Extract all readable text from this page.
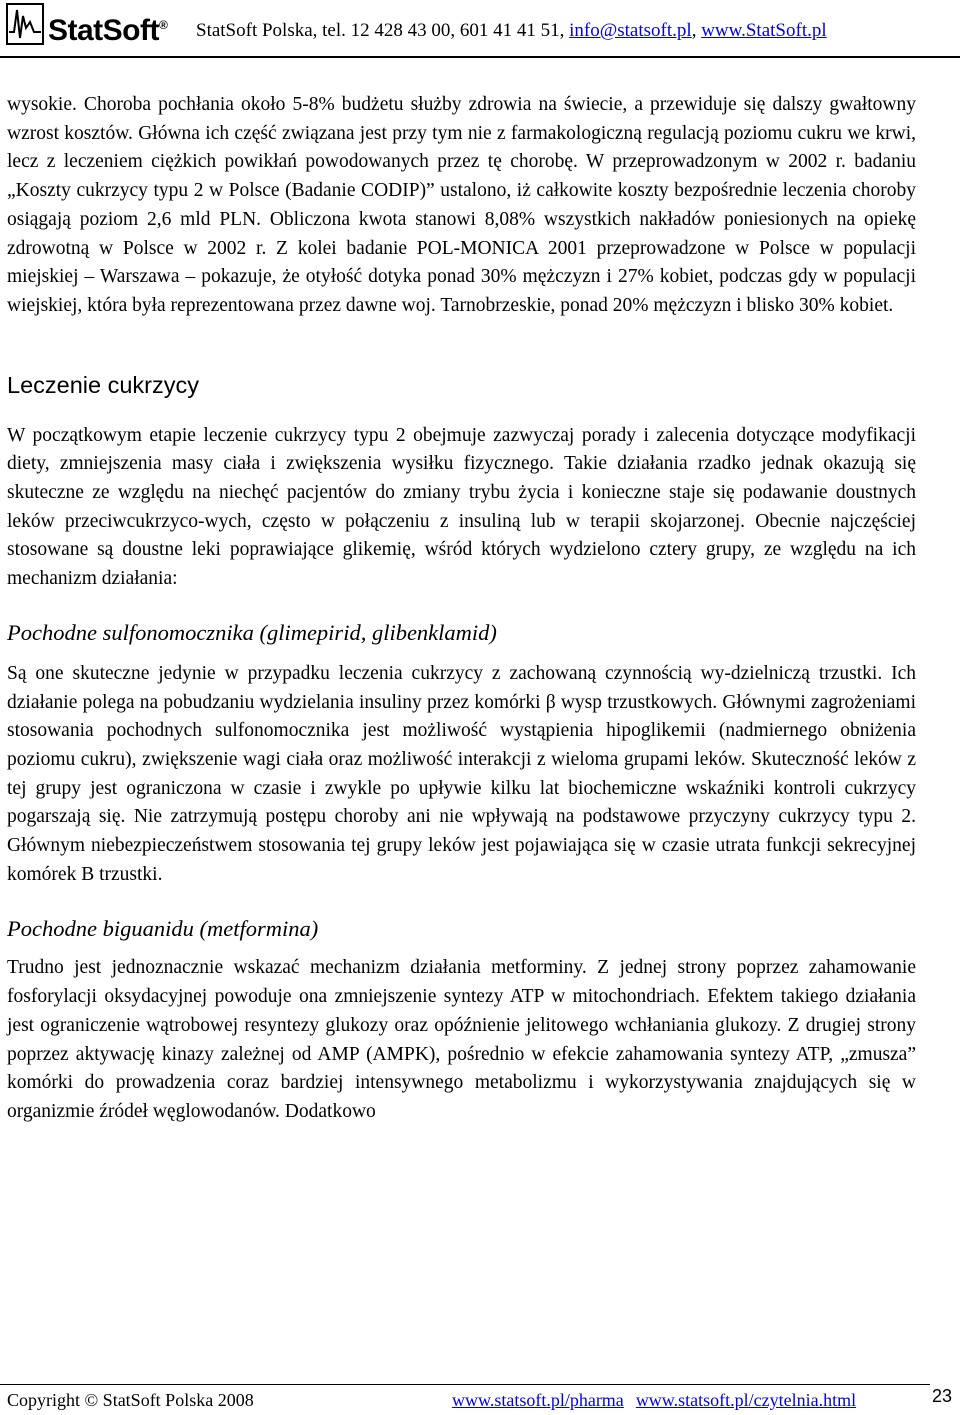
StatSoft® StatSoft Polska, tel. 12 428 43 00, 601 41 41 51, info@statsoft.pl, www.StatSoft.pl

wysokie. Choroba pochłania około 5-8% budżetu służby zdrowia na świecie, a przewiduje się dalszy gwałtowny wzrost kosztów. Główna ich część związana jest przy tym nie z farmakologiczną regulacją poziomu cukru we krwi, lecz z leczeniem ciężkich powikłań powodowanych przez tę chorobę. W przeprowadzonym w 2002 r. badaniu „Koszty cukrzycy typu 2 w Polsce (Badanie CODIP)” ustalono, iż całkowite koszty bezpośrednie leczenia choroby osiągają poziom 2,6 mld PLN. Obliczona kwota stanowi 8,08% wszystkich nakładów poniesionych na opiekę zdrowotną w Polsce w 2002 r. Z kolei badanie POL-MONICA 2001 przeprowadzone w Polsce w populacji miejskiej – Warszawa – pokazuje, że otyłość dotyka ponad 30% mężczyzn i 27% kobiet, podczas gdy w populacji wiejskiej, która była reprezentowana przez dawne woj. Tarnobrzeskie, ponad 20% mężczyzn i blisko 30% kobiet.

Leczenie cukrzycy

W początkowym etapie leczenie cukrzycy typu 2 obejmuje zazwyczaj porady i zalecenia dotyczące modyfikacji diety, zmniejszenia masy ciała i zwiększenia wysiłku fizycznego. Takie działania rzadko jednak okazują się skuteczne ze względu na niechęć pacjentów do zmiany trybu życia i konieczne staje się podawanie doustnych leków przeciwcukrzyco-wych, często w połączeniu z insuliną lub w terapii skojarzonej. Obecnie najczęściej stosowane są doustne leki poprawiające glikemię, wśród których wydzielono cztery grupy, ze względu na ich mechanizm działania:

Pochodne sulfonomocznika (glimepirid, glibenklamid)

Są one skuteczne jedynie w przypadku leczenia cukrzycy z zachowaną czynnością wy-dzielniczą trzustki. Ich działanie polega na pobudzaniu wydzielania insuliny przez komórki β wysp trzustkowych. Głównymi zagrożeniami stosowania pochodnych sulfonomocznika jest możliwość wystąpienia hipoglikemii (nadmiernego obniżenia poziomu cukru), zwiększenie wagi ciała oraz możliwość interakcji z wieloma grupami leków. Skuteczność leków z tej grupy jest ograniczona w czasie i zwykle po upływie kilku lat biochemiczne wskaźniki kontroli cukrzycy pogarszają się. Nie zatrzymują postępu choroby ani nie wpływają na podstawowe przyczyny cukrzycy typu 2. Głównym niebezpieczeństwem stosowania tej grupy leków jest pojawiająca się w czasie utrata funkcji sekrecyjnej komórek B trzustki.

Pochodne biguanidu (metformina)

Trudno jest jednoznacznie wskazać mechanizm działania metforminy. Z jednej strony poprzez zahamowanie fosforylacji oksydacyjnej powoduje ona zmniejszenie syntezy ATP w mitochondriach. Efektem takiego działania jest ograniczenie wątrobowej resyntezy glukozy oraz opóźnienie jelitowego wchłaniania glukozy. Z drugiej strony poprzez aktywację kinazy zależnej od AMP (AMPK), pośrednio w efekcie zahamowania syntezy ATP, „zmusza” komórki do prowadzenia coraz bardziej intensywnego metabolizmu i wykorzystywania znajdujących się w organizmie źródeł węglowodanów. Dodatkowo

Copyright © StatSoft Polska 2008	www.statsoft.pl/pharma www.statsoft.pl/czytelnia.html	23
